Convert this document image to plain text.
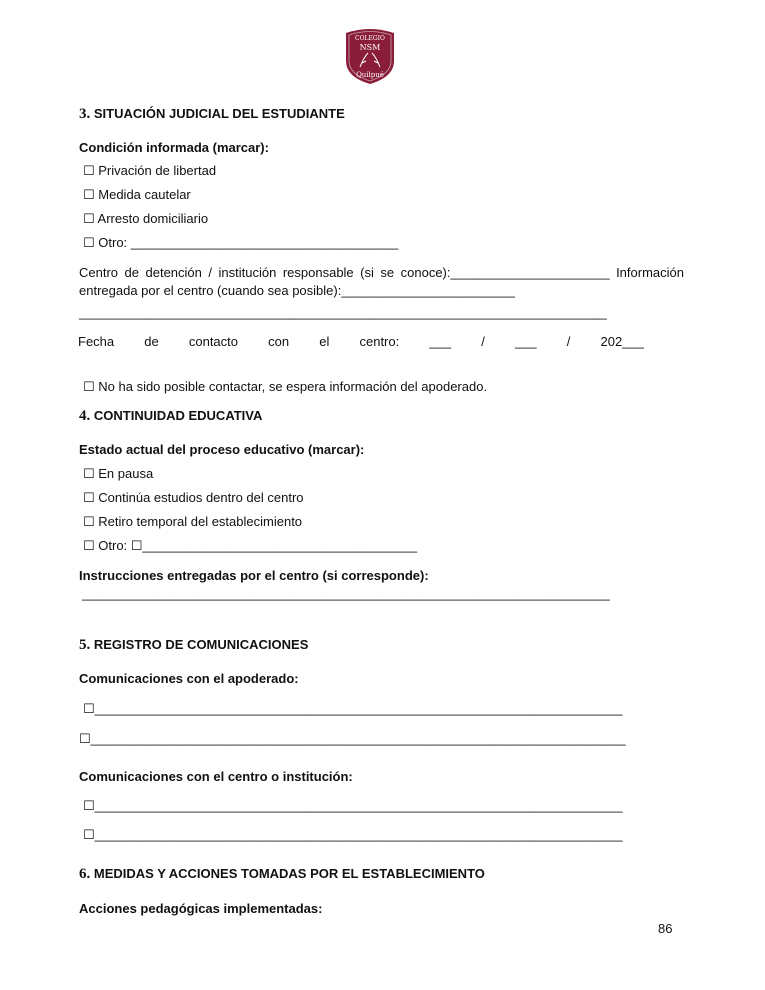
COLEGIO
NSM
Quilpué
3. SITUACIÓN JUDICIAL DEL ESTUDIANTE
Condición informada (marcar):
☐ Privación de libertad
☐ Medida cautelar
☐ Arresto domiciliario
☐ Otro: _____________________________________
Centro de detención / institución responsable (si se conoce):______________________ Información entregada por el centro (cuando sea posible):________________________
_________________________________________________________________________
Fecha de contacto con el centro: ___ / ___ / 202___
☐ No ha sido posible contactar, se espera información del apoderado.
4. CONTINUIDAD EDUCATIVA
Estado actual del proceso educativo (marcar):
☐ En pausa
☐ Continúa estudios dentro del centro
☐ Retiro temporal del establecimiento
☐ Otro: ☐______________________________________
Instrucciones entregadas por el centro (si corresponde):
_________________________________________________________________________
5. REGISTRO DE COMUNICACIONES
Comunicaciones con el apoderado:
☐_________________________________________________________________________
☐__________________________________________________________________________
Comunicaciones con el centro o institución:
☐_________________________________________________________________________
☐_________________________________________________________________________
6. MEDIDAS Y ACCIONES TOMADAS POR EL ESTABLECIMIENTO
Acciones pedagógicas implementadas:
86
